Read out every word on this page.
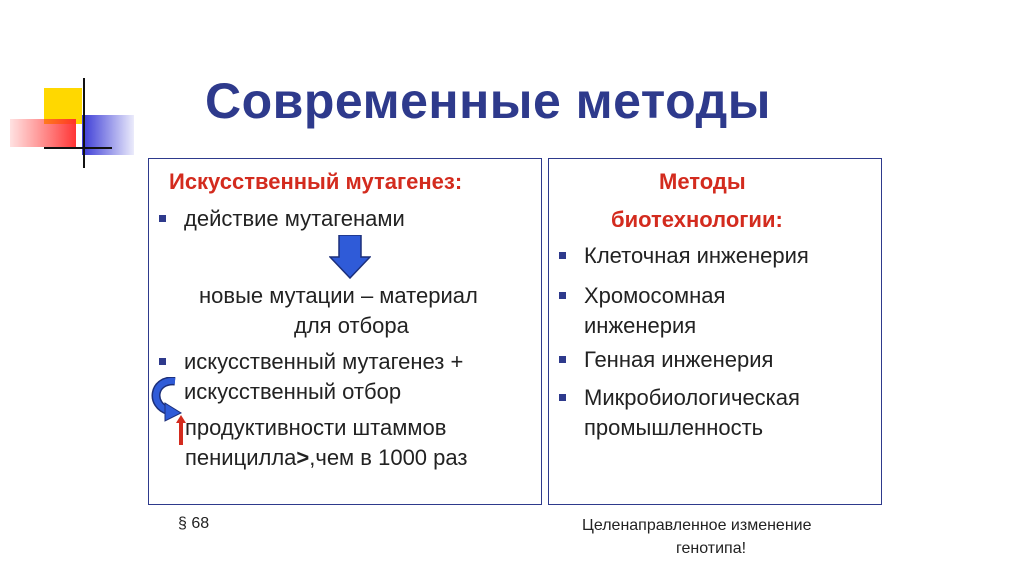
Современные методы
Искусственный мутагенез:
действие мутагенами
новые мутации – материал
для отбора
искусственный мутагенез +
искусственный отбор
продуктивности штаммов
пеницилла>,чем в 1000 раз
Методы
биотехнологии:
Клеточная инженерия
Хромосомная
инженерия
Генная инженерия
Микробиологическая
промышленность
§ 68	Целенаправленное изменение
генотипа!
